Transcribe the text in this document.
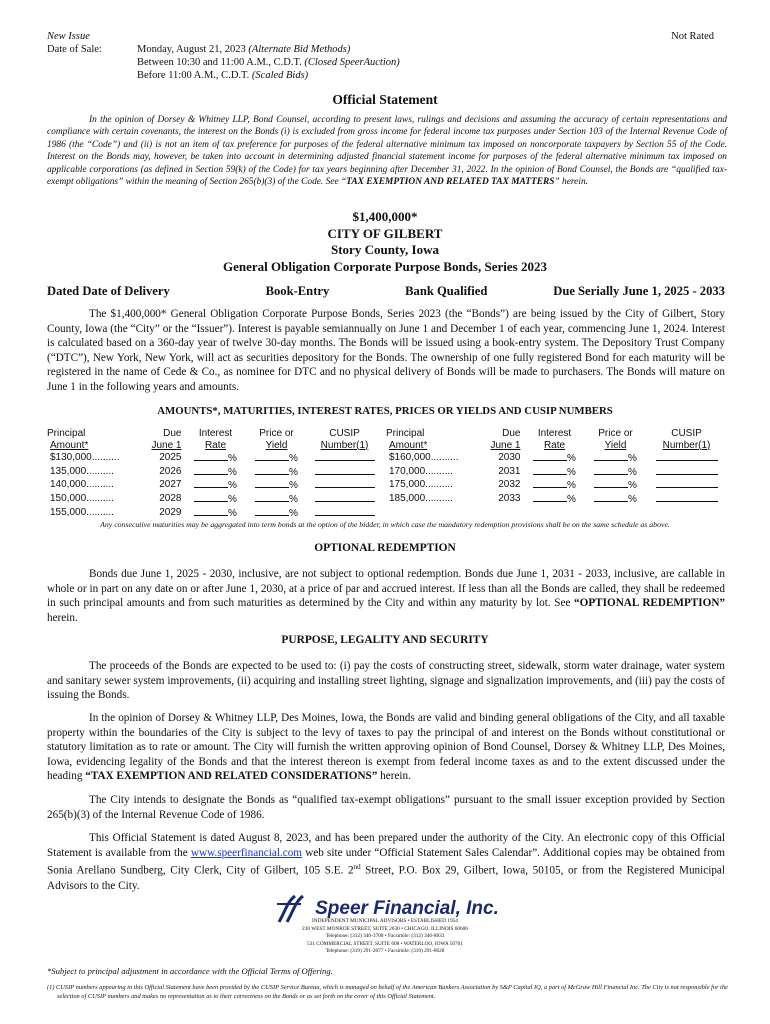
New Issue	Not Rated
Date of Sale:	Monday, August 21, 2023 (Alternate Bid Methods)
Between 10:30 and 11:00 A.M., C.D.T. (Closed SpeerAuction)
Before 11:00 A.M., C.D.T. (Scaled Bids)
Official Statement
In the opinion of Dorsey & Whitney LLP, Bond Counsel, according to present laws, rulings and decisions and assuming the accuracy of certain representations and compliance with certain covenants, the interest on the Bonds (i) is excluded from gross income for federal income tax purposes under Section 103 of the Internal Revenue Code of 1986 (the “Code”) and (ii) is not an item of tax preference for purposes of the federal alternative minimum tax imposed on noncorporate taxpayers by Section 55 of the Code. Interest on the Bonds may, however, be taken into account in determining adjusted financial statement income for purposes of the federal alternative minimum tax imposed on applicable corporations (as defined in Section 59(k) of the Code) for tax years beginning after December 31, 2022. In the opinion of Bond Counsel, the Bonds are “qualified tax-exempt obligations” within the meaning of Section 265(b)(3) of the Code. See “TAX EXEMPTION AND RELATED TAX MATTERS” herein.
$1,400,000*
CITY OF GILBERT
Story County, Iowa
General Obligation Corporate Purpose Bonds, Series 2023
Dated Date of Delivery	Book-Entry	Bank Qualified	Due Serially June 1, 2025 - 2033
The $1,400,000* General Obligation Corporate Purpose Bonds, Series 2023 (the “Bonds”) are being issued by the City of Gilbert, Story County, Iowa (the “City” or the “Issuer”). Interest is payable semiannually on June 1 and December 1 of each year, commencing June 1, 2024. Interest is calculated based on a 360-day year of twelve 30-day months. The Bonds will be issued using a book-entry system. The Depository Trust Company (“DTC”), New York, New York, will act as securities depository for the Bonds. The ownership of one fully registered Bond for each maturity will be registered in the name of Cede & Co., as nominee for DTC and no physical delivery of Bonds will be made to purchasers. The Bonds will mature on June 1 in the following years and amounts.
AMOUNTS*, MATURITIES, INTEREST RATES, PRICES OR YIELDS AND CUSIP NUMBERS
Principal	Due	Interest	Price or	CUSIP
Amount*	June 1	Rate	Yield	Number(1)
$130,000..........	2025	%	%	
135,000..........	2026	%	%	
140,000..........	2027	%	%	
150,000..........	2028	%	%	
155,000..........	2029	%	%	
Principal	Due	Interest	Price or	CUSIP
Amount*	June 1	Rate	Yield	Number(1)
$160,000..........	2030	%	%	
170,000..........	2031	%	%	
175,000..........	2032	%	%	
185,000..........	2033	%	%	
Any consecutive maturities may be aggregated into term bonds at the option of the bidder, in which case the mandatory redemption provisions shall be on the same schedule as above.
OPTIONAL REDEMPTION
Bonds due June 1, 2025 - 2030, inclusive, are not subject to optional redemption. Bonds due June 1, 2031 - 2033, inclusive, are callable in whole or in part on any date on or after June 1, 2030, at a price of par and accrued interest. If less than all the Bonds are called, they shall be redeemed in such principal amounts and from such maturities as determined by the City and within any maturity by lot. See “OPTIONAL REDEMPTION” herein.
PURPOSE, LEGALITY AND SECURITY
The proceeds of the Bonds are expected to be used to: (i) pay the costs of constructing street, sidewalk, storm water drainage, water system and sanitary sewer system improvements, (ii) acquiring and installing street lighting, signage and signalization improvements, and (iii) pay the costs of issuing the Bonds.
In the opinion of Dorsey & Whitney LLP, Des Moines, Iowa, the Bonds are valid and binding general obligations of the City, and all taxable property within the boundaries of the City is subject to the levy of taxes to pay the principal of and interest on the Bonds without constitutional or statutory limitation as to rate or amount. The City will furnish the written approving opinion of Bond Counsel, Dorsey & Whitney LLP, Des Moines, Iowa, evidencing legality of the Bonds and that the interest thereon is exempt from federal income taxes as and to the extent discussed under the heading “TAX EXEMPTION AND RELATED CONSIDERATIONS” herein.
The City intends to designate the Bonds as “qualified tax-exempt obligations” pursuant to the small issuer exception provided by Section 265(b)(3) of the Internal Revenue Code of 1986.
This Official Statement is dated August 8, 2023, and has been prepared under the authority of the City. An electronic copy of this Official Statement is available from the www.speerfinancial.com web site under “Official Statement Sales Calendar”. Additional copies may be obtained from Sonia Arellano Sundberg, City Clerk, City of Gilbert, 105 S.E. 2nd Street, P.O. Box 29, Gilbert, Iowa, 50105, or from the Registered Municipal Advisors to the City.
Speer Financial, Inc.
INDEPENDENT MUNICIPAL ADVISORS • ESTABLISHED 1954
230 WEST MONROE STREET, SUITE 2630 • CHICAGO, ILLINOIS 60606
Telephone: (312) 346-3700 • Facsimile: (312) 346-8833
531 COMMERCIAL STREET, SUITE 608 • WATERLOO, IOWA 50701
Telephone: (319) 291-2077 • Facsimile: (319) 291-8628
*Subject to principal adjustment in accordance with the Official Terms of Offering.
(1) CUSIP numbers appearing in this Official Statement have been provided by the CUSIP Service Bureau, which is managed on behalf of the American Bankers Association by S&P Capital IQ, a part of McGraw Hill Financial Inc. The City is not responsible for the selection of CUSIP numbers and makes no representation as to their correctness on the Bonds or as set forth on the cover of this Official Statement.
